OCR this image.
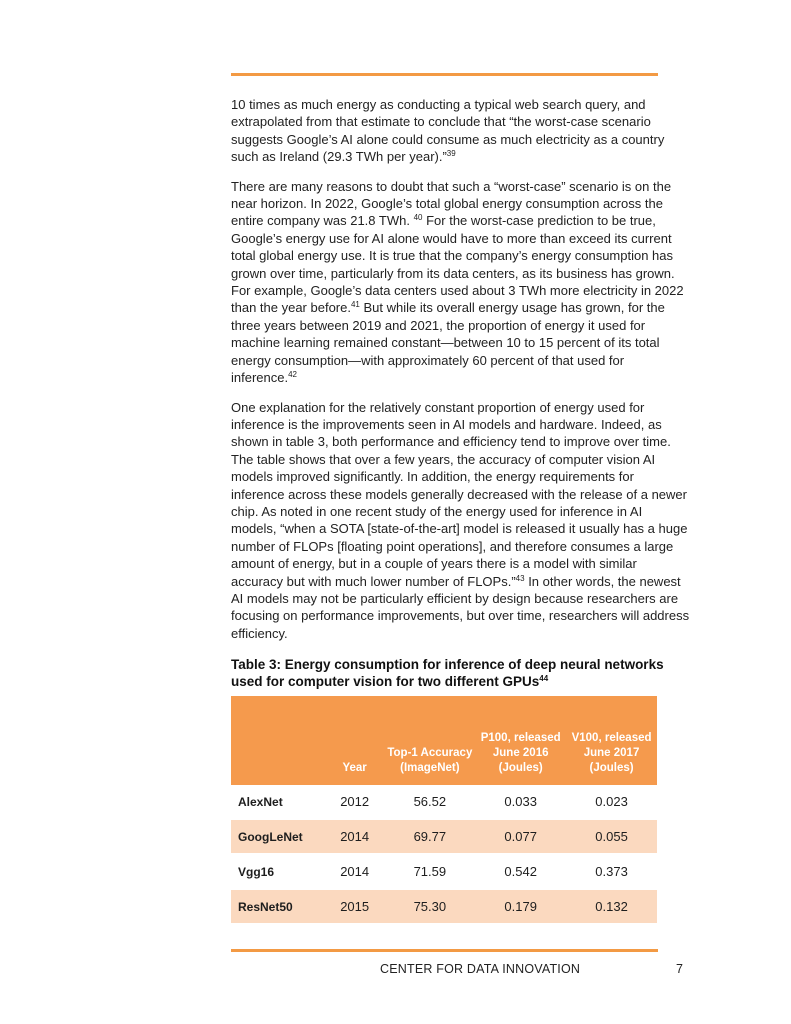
10 times as much energy as conducting a typical web search query, and extrapolated from that estimate to conclude that “the worst-case scenario suggests Google’s AI alone could consume as much electricity as a country such as Ireland (29.3 TWh per year).”$^{39}$

There are many reasons to doubt that such a “worst-case” scenario is on the near horizon. In 2022, Google’s total global energy consumption across the entire company was 21.8 TWh. $^{40}$ For the worst-case prediction to be true, Google’s energy use for AI alone would have to more than exceed its current total global energy use. It is true that the company’s energy consumption has grown over time, particularly from its data centers, as its business has grown. For example, Google’s data centers used about 3 TWh more electricity in 2022 than the year before.$^{41}$ But while its overall energy usage has grown, for the three years between 2019 and 2021, the proportion of energy it used for machine learning remained constant—between 10 to 15 percent of its total energy consumption—with approximately 60 percent of that used for inference.$^{42}$

One explanation for the relatively constant proportion of energy used for inference is the improvements seen in AI models and hardware. Indeed, as shown in table 3, both performance and efficiency tend to improve over time. The table shows that over a few years, the accuracy of computer vision AI models improved significantly. In addition, the energy requirements for inference across these models generally decreased with the release of a newer chip. As noted in one recent study of the energy used for inference in AI models, “when a SOTA [state-of-the-art] model is released it usually has a huge number of FLOPs [floating point operations], and therefore consumes a large amount of energy, but in a couple of years there is a model with similar accuracy but with much lower number of FLOPs.”$^{43}$ In other words, the newest AI models may not be particularly efficient by design because researchers are focusing on performance improvements, but over time, researchers will address efficiency.

Table 3: Energy consumption for inference of deep neural networks used for computer vision for two different GPUs$^{44}$
	Year	Top-1 Accuracy (ImageNet)	P100, released June 2016 (Joules)	V100, released June 2017 (Joules)
AlexNet	2012	56.52	0.033	0.023
GoogLeNet	2014	69.77	0.077	0.055
Vgg16	2014	71.59	0.542	0.373
ResNet50	2015	75.30	0.179	0.132
CENTER FOR DATA INNOVATION	7
